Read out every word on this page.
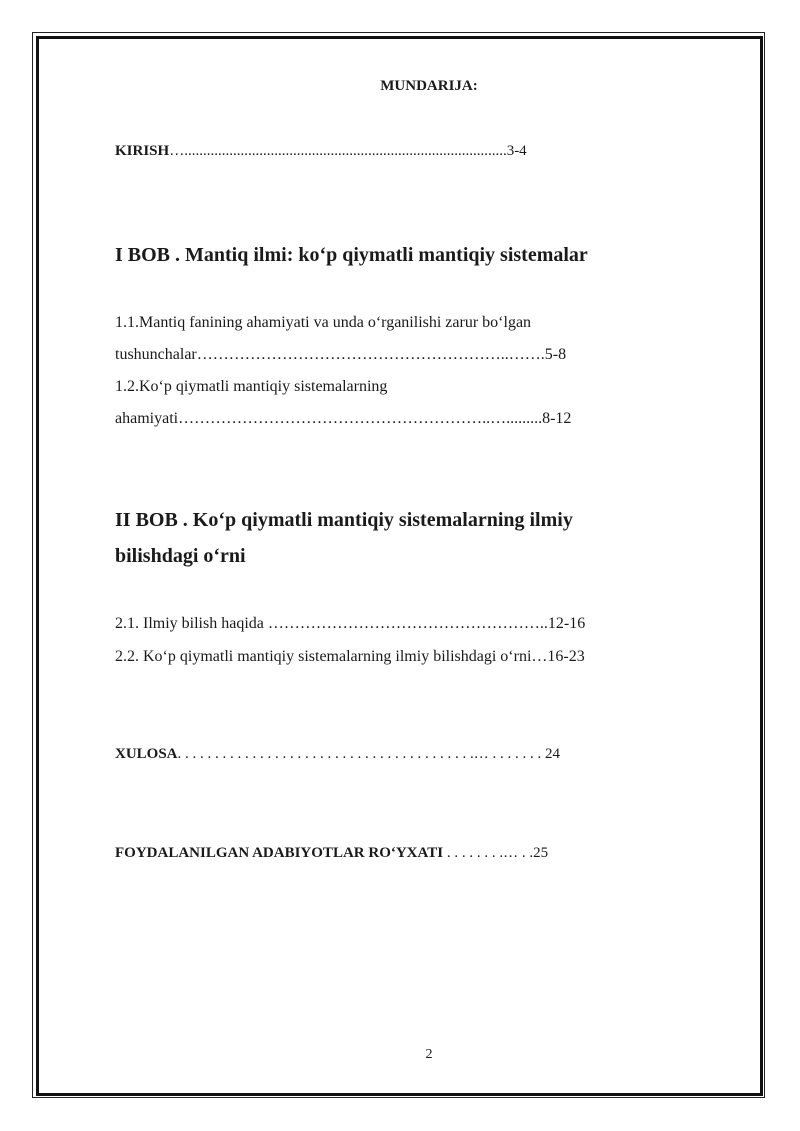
MUNDARIJA:
KIRISH…......................................................................................3-4
I BOB . Mantiq ilmi: ko‘p qiymatli mantiqiy sistemalar
1.1.Mantiq fanining ahamiyati va unda o‘rganilishi zarur bo‘lgan
tushunchalar…………………………………………………..…….5-8
1.2.Ko‘p qiymatli mantiqiy sistemalarning
ahamiyati…………………………………………………..….........8-12
II BOB . Ko‘p qiymatli mantiqiy sistemalarning ilmiy
bilishdagi o‘rni
2.1. Ilmiy bilish haqida ……………………………………………..12-16
2.2. Ko‘p qiymatli mantiqiy sistemalarning ilmiy bilishdagi o‘rni…16-23
XULOSA. . . . . . . . . . . . . . . . . . . . . . . . . . . . . . . . . . . . . . . .… . . . . . . . 24
FOYDALANILGAN ADABIYOTLAR RO‘YXATI . . . . . . . .… . .25
2
